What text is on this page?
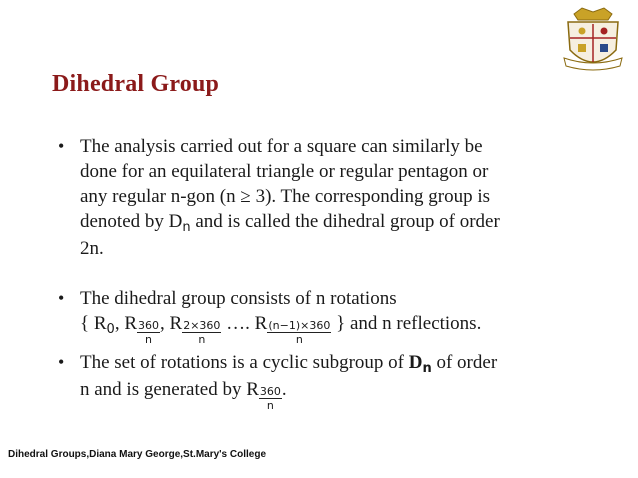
Dihedral Group
• The analysis carried out for a square can similarly be
done for an equilateral triangle or regular pentagon or
any regular n-gon (n ≥ 3). The corresponding group is
denoted by $D_n$ and is called the dihedral group of order
2n.
• The dihedral group consists of n rotations
{ $R_0$, R $\frac{360}{n}$ , R $\frac{2\times 360}{n}$ …. R $\frac{(n-1)\times 360}{n}$ } and n reflections.
• The set of rotations is a cyclic subgroup of $D_n$ of order
n and is generated by R $\frac{360}{n}$ .
Dihedral Groups,Diana Mary George,St.Mary's College
